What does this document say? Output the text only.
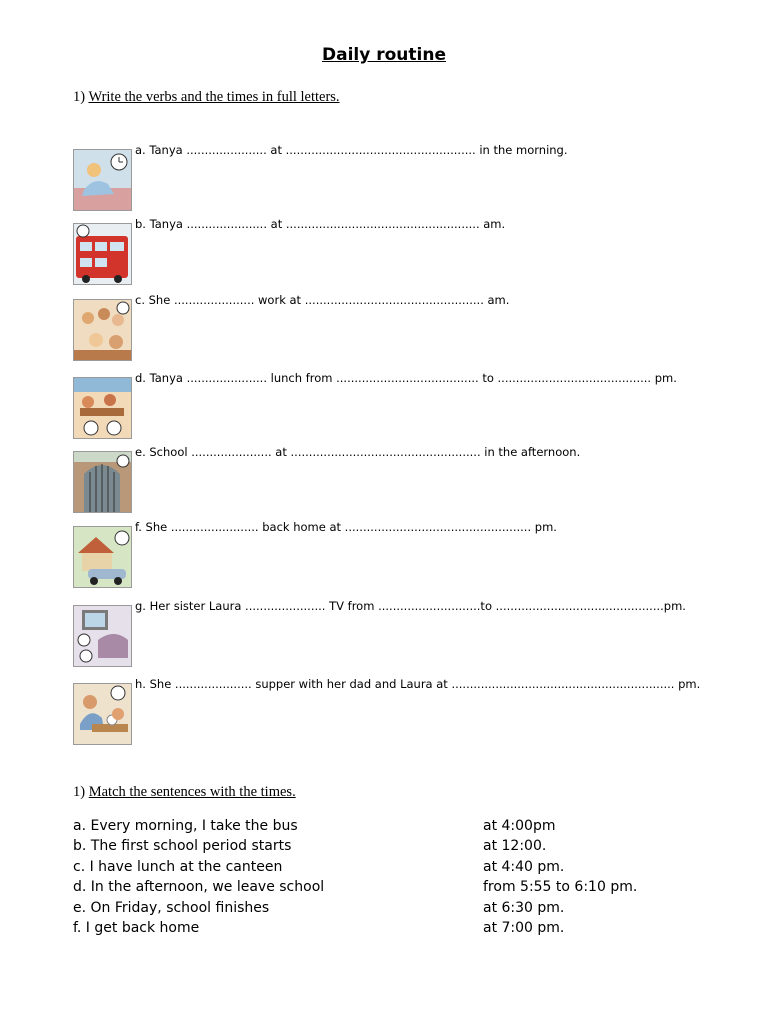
Daily routine
1) Write the verbs and the times in full letters.
a. Tanya ...................... at .................................................... in the morning.
b. Tanya ...................... at ..................................................... am.
c. She ...................... work at ................................................. am.
d. Tanya ...................... lunch from ....................................... to .......................................... pm.
e. School ...................... at .................................................... in the afternoon.
f. She ........................ back home at ................................................... pm.
g. Her sister Laura ...................... TV from ............................to ..............................................pm.
h. She ..................... supper with her dad and Laura at ............................................................. pm.
1) Match the sentences with the times.
a. Every morning, I take the bus	at 4:00pm
b. The first school period starts	at 12:00.
c. I have lunch at the canteen	at 4:40 pm.
d. In the afternoon, we leave school	from 5:55 to 6:10 pm.
e. On Friday, school finishes	at 6:30 pm.
f. I get back home	at 7:00 pm.
